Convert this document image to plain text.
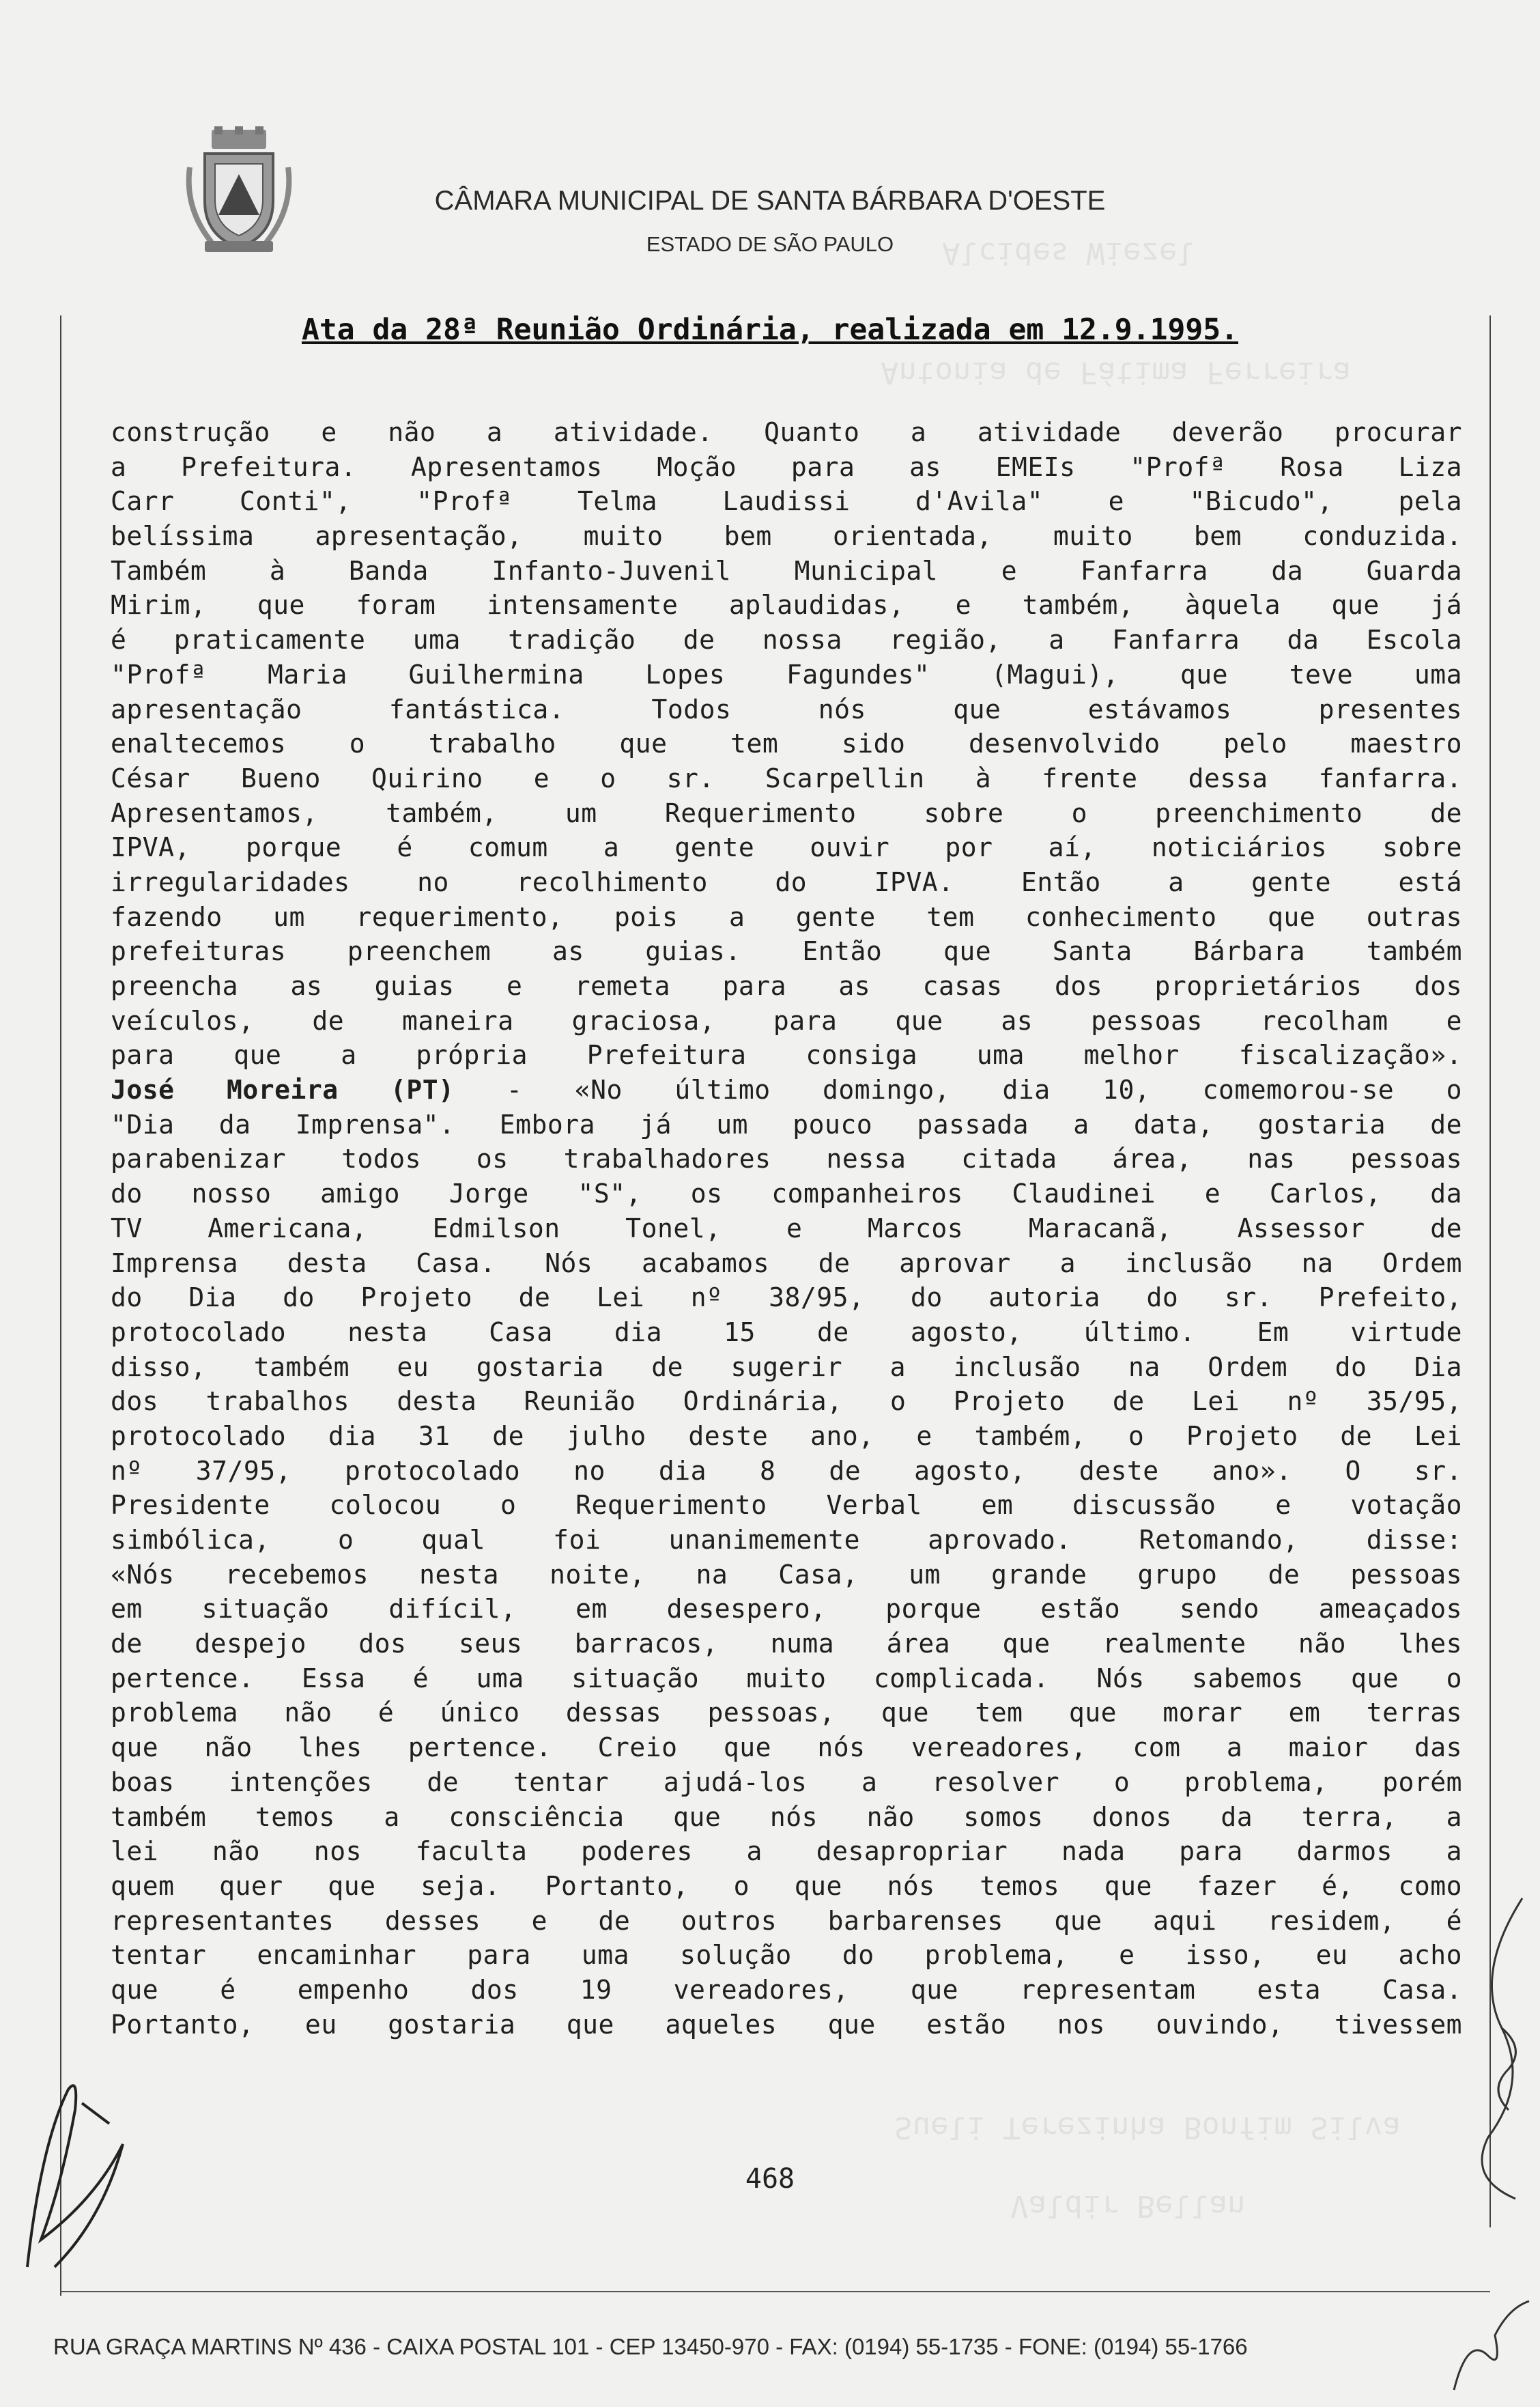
CÂMARA MUNICIPAL DE SANTA BÁRBARA D'OESTE
ESTADO DE SÃO PAULO
Ata da 28ª Reunião Ordinária, realizada em 12.9.1995.
Alcides Wiezel
Antonia de Fátima Ferreira
Sueli Terezinha Bonfim Silva
Valdir Bellan
construção e não a atividade. Quanto a atividade deverão procurar
a Prefeitura. Apresentamos Moção para as EMEIs "Profª Rosa Liza
Carr Conti", "Profª Telma Laudissi d'Avila" e "Bicudo", pela
belíssima apresentação, muito bem orientada, muito bem conduzida.
Também à Banda Infanto-Juvenil Municipal e Fanfarra da Guarda
Mirim, que foram intensamente aplaudidas, e também, àquela que já
é praticamente uma tradição de nossa região, a Fanfarra da Escola
"Profª Maria Guilhermina Lopes Fagundes" (Magui), que teve uma
apresentação fantástica. Todos nós que estávamos presentes
enaltecemos o trabalho que tem sido desenvolvido pelo maestro
César Bueno Quirino e o sr. Scarpellin à frente dessa fanfarra.
Apresentamos, também, um Requerimento sobre o preenchimento de
IPVA, porque é comum a gente ouvir por aí, noticiários sobre
irregularidades no recolhimento do IPVA. Então a gente está
fazendo um requerimento, pois a gente tem conhecimento que outras
prefeituras preenchem as guias. Então que Santa Bárbara também
preencha as guias e remeta para as casas dos proprietários dos
veículos, de maneira graciosa, para que as pessoas recolham e
para que a própria Prefeitura consiga uma melhor fiscalização».
José Moreira (PT) - «No último domingo, dia 10, comemorou-se o
"Dia da Imprensa". Embora já um pouco passada a data, gostaria de
parabenizar todos os trabalhadores nessa citada área, nas pessoas
do nosso amigo Jorge "S", os companheiros Claudinei e Carlos, da
TV Americana, Edmilson Tonel, e Marcos Maracanã, Assessor de
Imprensa desta Casa. Nós acabamos de aprovar a inclusão na Ordem
do Dia do Projeto de Lei nº 38/95, do autoria do sr. Prefeito,
protocolado nesta Casa dia 15 de agosto, último. Em virtude
disso, também eu gostaria de sugerir a inclusão na Ordem do Dia
dos trabalhos desta Reunião Ordinária, o Projeto de Lei nº 35/95,
protocolado dia 31 de julho deste ano, e também, o Projeto de Lei
nº 37/95, protocolado no dia 8 de agosto, deste ano». O sr.
Presidente colocou o Requerimento Verbal em discussão e votação
simbólica, o qual foi unanimemente aprovado. Retomando, disse:
«Nós recebemos nesta noite, na Casa, um grande grupo de pessoas
em situação difícil, em desespero, porque estão sendo ameaçados
de despejo dos seus barracos, numa área que realmente não lhes
pertence. Essa é uma situação muito complicada. Nós sabemos que o
problema não é único dessas pessoas, que tem que morar em terras
que não lhes pertence. Creio que nós vereadores, com a maior das
boas intenções de tentar ajudá-los a resolver o problema, porém
também temos a consciência que nós não somos donos da terra, a
lei não nos faculta poderes a desapropriar nada para darmos a
quem quer que seja. Portanto, o que nós temos que fazer é, como
representantes desses e de outros barbarenses que aqui residem, é
tentar encaminhar para uma solução do problema, e isso, eu acho
que é empenho dos 19 vereadores, que representam esta Casa.
Portanto, eu gostaria que aqueles que estão nos ouvindo, tivessem
468
RUA GRAÇA MARTINS Nº 436 - CAIXA POSTAL 101 - CEP 13450-970 - FAX: (0194) 55-1735 - FONE: (0194) 55-1766
